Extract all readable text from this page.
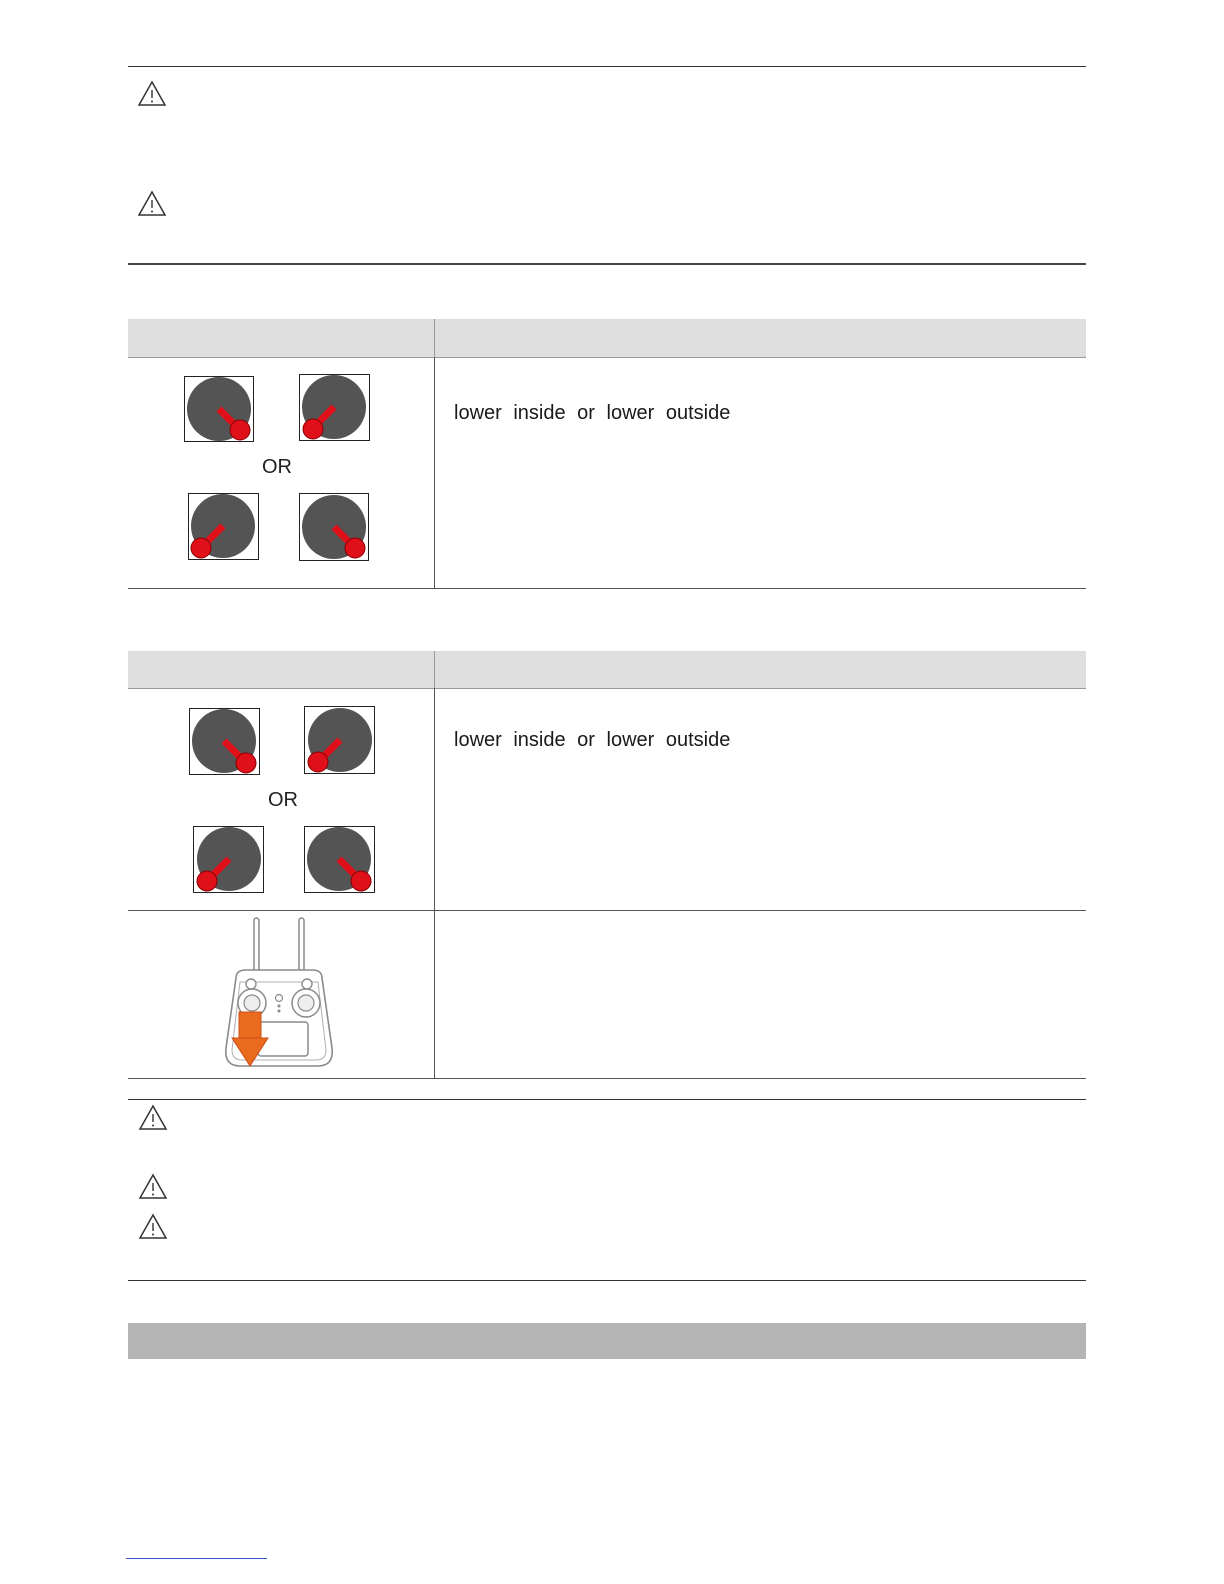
OR
lower inside or lower outside
OR
lower inside or lower outside
